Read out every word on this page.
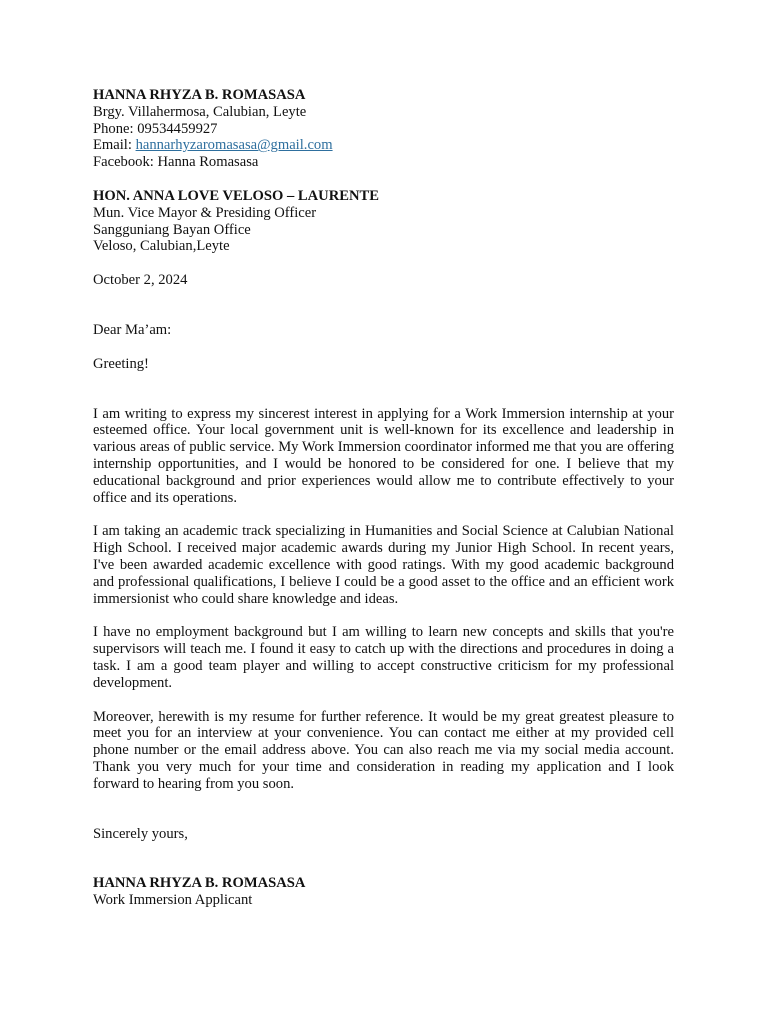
HANNA RHYZA B. ROMASASA
Brgy. Villahermosa, Calubian, Leyte
Phone: 09534459927
Email: hannarhyzaromasasa@gmail.com
Facebook: Hanna Romasasa
HON. ANNA LOVE VELOSO – LAURENTE
Mun. Vice Mayor & Presiding Officer
Sangguniang Bayan Office
Veloso, Calubian,Leyte
October 2, 2024
Dear Ma’am:
Greeting!

I am writing to express my sincerest interest in applying for a Work Immersion internship at your esteemed office. Your local government unit is well-known for its excellence and leadership in various areas of public service. My Work Immersion coordinator informed me that you are offering internship opportunities, and I would be honored to be considered for one. I believe that my educational background and prior experiences would allow me to contribute effectively to your office and its operations.

I am taking an academic track specializing in Humanities and Social Science at Calubian National High School. I received major academic awards during my Junior High School. In recent years, I've been awarded academic excellence with good ratings. With my good academic background and professional qualifications, I believe I could be a good asset to the office and an efficient work immersionist who could share knowledge and ideas.

I have no employment background but I am willing to learn new concepts and skills that you're supervisors will teach me. I found it easy to catch up with the directions and procedures in doing a task. I am a good team player and willing to accept constructive criticism for my professional development.

Moreover, herewith is my resume for further reference. It would be my great greatest pleasure to meet you for an interview at your convenience. You can contact me either at my provided cell phone number or the email address above. You can also reach me via my social media account. Thank you very much for your time and consideration in reading my application and I look forward to hearing from you soon.

Sincerely yours,
HANNA RHYZA B. ROMASASA
Work Immersion Applicant
